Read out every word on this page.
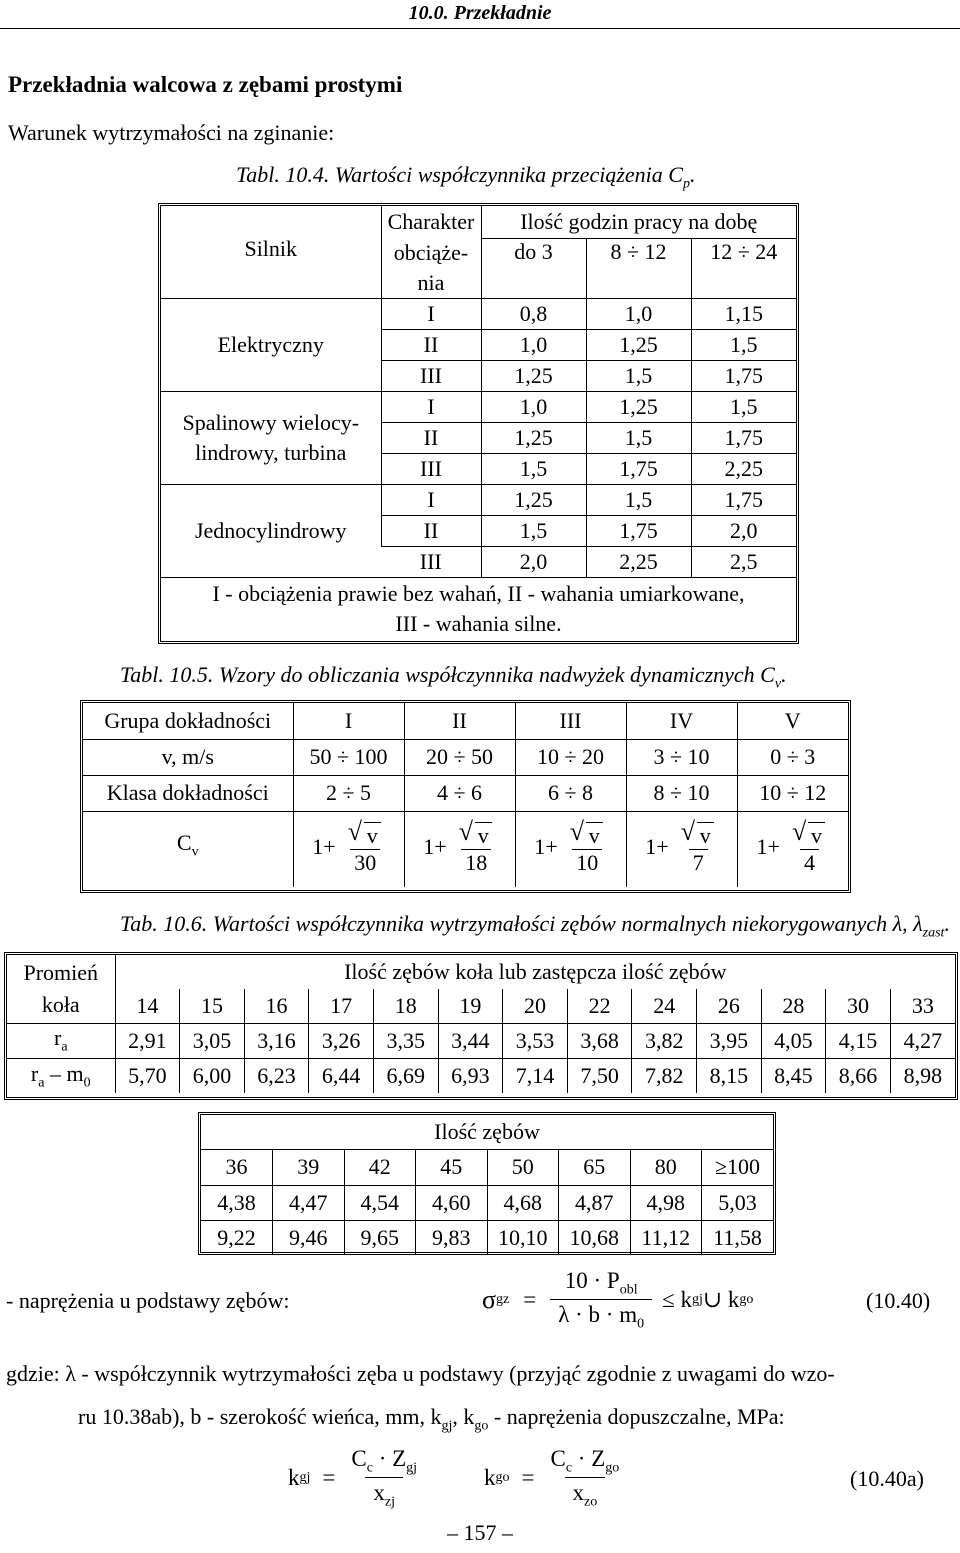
10.0. Przekładnie
Przekładnia walcowa z zębami prostymi
Warunek wytrzymałości na zginanie:
Tabl. 10.4. Wartości współczynnika przeciążenia $C_p$.
Silnik	Charakter	Ilość godzin pracy na dobę		
	obciąże-	do 3	8 ÷ 12	12 ÷ 24
	nia			
Elektryczny	I	0,8	1,0	1,15
	II	1,0	1,25	1,5
	III	1,25	1,5	1,75

Spalinowy wielocy-
lindrowy, turbina	I	1,0	1,25	1,5
	II	1,25	1,5	1,75
	III	1,5	1,75	2,25
Jednocylindrowy	I	1,25	1,5	1,75
	II	1,5	1,75	2,0
	III	2,0	2,25	2,5

I - obciążenia prawie bez wahań, II - wahania umiarkowane,
III - wahania silne.				
Tabl. 10.5. Wzory do obliczania współczynnika nadwyżek dynamicznych $C_v$.
Grupa dokładności	I	II	III	IV	V
v, m/s	50 ÷ 100	20 ÷ 50	10 ÷ 20	3 ÷ 10	0 ÷ 3
Klasa dokładności	2 ÷ 5	4 ÷ 6	6 ÷ 8	8 ÷ 10	10 ÷ 12
$C_v$	1+ √ $\frac{v}{30}$	1+ √ $\frac{v}{18}$	1+ √ $\frac{v}{10}$	1+ √ $\frac{v}{7}$	1+ √ $\frac{v}{4}$
Tab. 10.6. Wartości współczynnika wytrzymałości zębów normalnych niekorygowanych λ, $\lambda_{zast}$.
Promień
koła	Ilość zębów koła lub zastępcza ilość zębów												
	14	15	16	17	18	19	20	22	24	26	28	30	33
$r_a$	2,91	3,05	3,16	3,26	3,35	3,44	3,53	3,68	3,82	3,95	4,05	4,15	4,27
$r_a - m_0$	5,70	6,00	6,23	6,44	6,69	6,93	7,14	7,50	7,82	8,15	8,45	8,66	8,98
Ilość zębów							
36	39	42	45	50	65	80	≥100
4,38	4,47	4,54	4,60	4,68	4,87	4,98	5,03
9,22	9,46	9,65	9,83	10,10	10,68	11,12	11,58
- naprężenia u podstawy zębów:	σ gz = $\frac{10 \cdot P_{obl}}{\lambda \cdot b \cdot m_0} \le k$ gj ∪ k go	(10.40)
gdzie: λ - współczynnik wytrzymałości zęba u podstawy (przyjąć zgodnie z uwagami do wzo-
ru 10.38ab), b - szerokość wieńca, mm, $k_{gj}$, $k_{go}$ - naprężenia dopuszczalne, MPa:
k gj = $\frac{C_c \cdot Z_{gj}}{x_{zj}}$	k go = $\frac{C_c \cdot Z_{go}}{x_{zo}}$	(10.40a)
– 157 –
